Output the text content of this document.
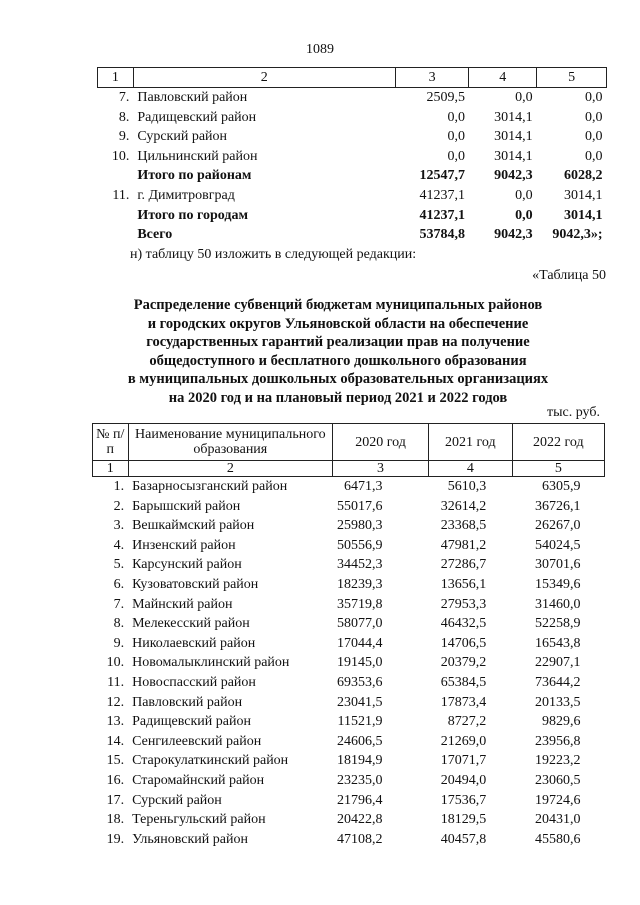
1089
1	2	3	4	5
7.	Павловский район	2509,5	0,0	0,0
8.	Радищевский район	0,0	3014,1	0,0
9.	Сурский район	0,0	3014,1	0,0
10.	Цильнинский район	0,0	3014,1	0,0
	Итого по районам	12547,7	9042,3	6028,2
11.	г. Димитровград	41237,1	0,0	3014,1
	Итого по городам	41237,1	0,0	3014,1
	Всего	53784,8	9042,3	9042,3»;
н) таблицу 50 изложить в следующей редакции:
«Таблица 50
Распределение субвенций бюджетам муниципальных районов
и городских округов Ульяновской области на обеспечение
государственных гарантий реализации прав на получение
общедоступного и бесплатного дошкольного образования
в муниципальных дошкольных образовательных организациях
на 2020 год и на плановый период 2021 и 2022 годов
тыс. руб.
№ п/п	Наименование муниципального образования	2020 год	2021 год	2022 год
1	2	3	4	5
1.	Базарносызганский район	6471,3	5610,3	6305,9
2.	Барышский район	55017,6	32614,2	36726,1
3.	Вешкаймский район	25980,3	23368,5	26267,0
4.	Инзенский район	50556,9	47981,2	54024,5
5.	Карсунский район	34452,3	27286,7	30701,6
6.	Кузоватовский район	18239,3	13656,1	15349,6
7.	Майнский район	35719,8	27953,3	31460,0
8.	Мелекесский район	58077,0	46432,5	52258,9
9.	Николаевский район	17044,4	14706,5	16543,8
10.	Новомалыклинский район	19145,0	20379,2	22907,1
11.	Новоспасский район	69353,6	65384,5	73644,2
12.	Павловский район	23041,5	17873,4	20133,5
13.	Радищевский район	11521,9	8727,2	9829,6
14.	Сенгилеевский район	24606,5	21269,0	23956,8
15.	Старокулаткинский район	18194,9	17071,7	19223,2
16.	Старомайнский район	23235,0	20494,0	23060,5
17.	Сурский район	21796,4	17536,7	19724,6
18.	Тереньгульский район	20422,8	18129,5	20431,0
19.	Ульяновский район	47108,2	40457,8	45580,6
